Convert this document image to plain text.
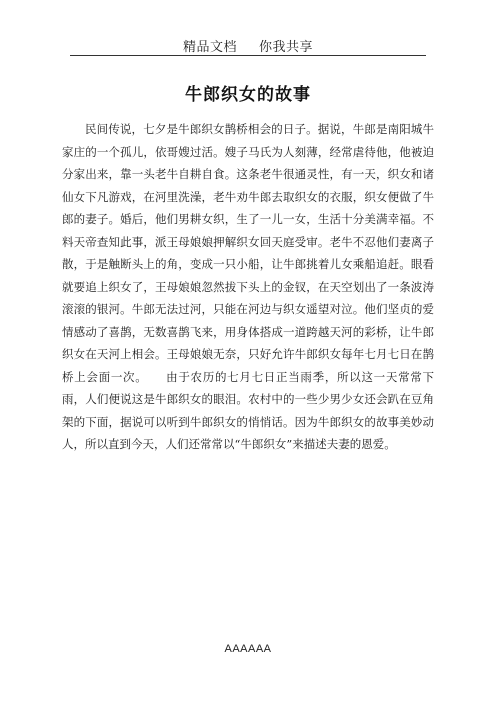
精品文档 你我共享
牛郎织女的故事

民间传说，七夕是牛郎织女鹊桥相会的日子。据说，牛郎是南阳城牛家庄的一个孤儿，依哥嫂过活。嫂子马氏为人刻薄，经常虐待他，他被迫分家出来，靠一头老牛自耕自食。这条老牛很通灵性，有一天，织女和诸仙女下凡游戏，在河里洗澡，老牛劝牛郎去取织女的衣服，织女便做了牛郎的妻子。婚后，他们男耕女织，生了一儿一女，生活十分美满幸福。不料天帝查知此事，派王母娘娘押解织女回天庭受审。老牛不忍他们妻离子散，于是触断头上的角，变成一只小船，让牛郎挑着儿女乘船追赶。眼看就要追上织女了，王母娘娘忽然拔下头上的金钗，在天空划出了一条波涛滚滚的银河。牛郎无法过河，只能在河边与织女遥望对泣。他们坚贞的爱情感动了喜鹊，无数喜鹊飞来，用身体搭成一道跨越天河的彩桥，让牛郎织女在天河上相会。王母娘娘无奈，只好允许牛郎织女每年七月七日在鹊桥上会面一次。　　由于农历的七月七日正当雨季，所以这一天常常下雨，人们便说这是牛郎织女的眼泪。农村中的一些少男少女还会趴在豆角架的下面，据说可以听到牛郎织女的悄悄话。因为牛郎织女的故事美妙动人，所以直到今天，人们还常常以“牛郎织女”来描述夫妻的恩爱。

AAAAAA
